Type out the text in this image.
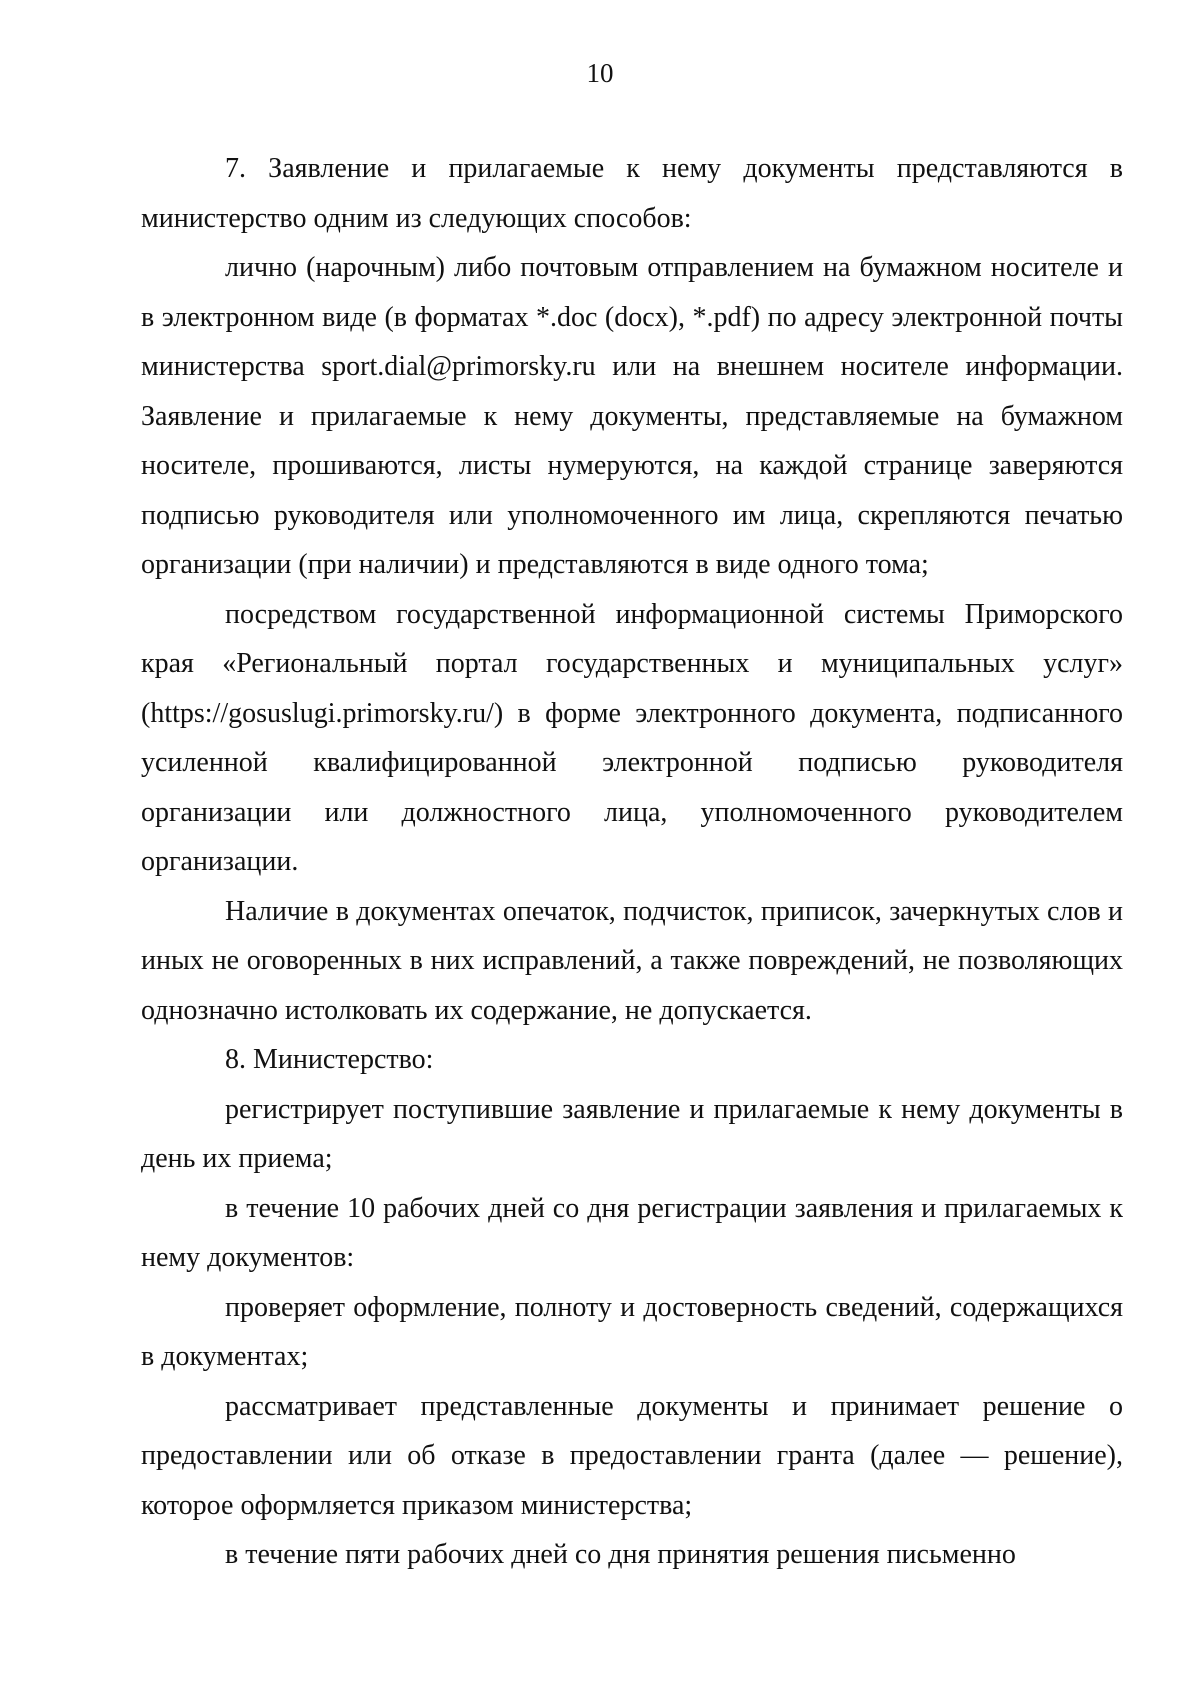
10

7. Заявление и прилагаемые к нему документы представляются в министерство одним из следующих способов:

лично (нарочным) либо почтовым отправлением на бумажном носителе и в электронном виде (в форматах *.doc (docx), *.pdf) по адресу электронной почты министерства sport.dial@primorsky.ru или на внешнем носителе информации. Заявление и прилагаемые к нему документы, представляемые на бумажном носителе, прошиваются, листы нумеруются, на каждой странице заверяются подписью руководителя или уполномоченного им лица, скрепляются печатью организации (при наличии) и представляются в виде одного тома;

посредством государственной информационной системы Приморского края «Региональный портал государственных и муниципальных услуг» (https://gosuslugi.primorsky.ru/) в форме электронного документа, подписанного усиленной квалифицированной электронной подписью руководителя организации или должностного лица, уполномоченного руководителем организации.

Наличие в документах опечаток, подчисток, приписок, зачеркнутых слов и иных не оговоренных в них исправлений, а также повреждений, не позволяющих однозначно истолковать их содержание, не допускается.

8. Министерство:

регистрирует поступившие заявление и прилагаемые к нему документы в день их приема;

в течение 10 рабочих дней со дня регистрации заявления и прилагаемых к нему документов:

проверяет оформление, полноту и достоверность сведений, содержащихся в документах;

рассматривает представленные документы и принимает решение о предоставлении или об отказе в предоставлении гранта (далее — решение), которое оформляется приказом министерства;

в течение пяти рабочих дней со дня принятия решения письменно
